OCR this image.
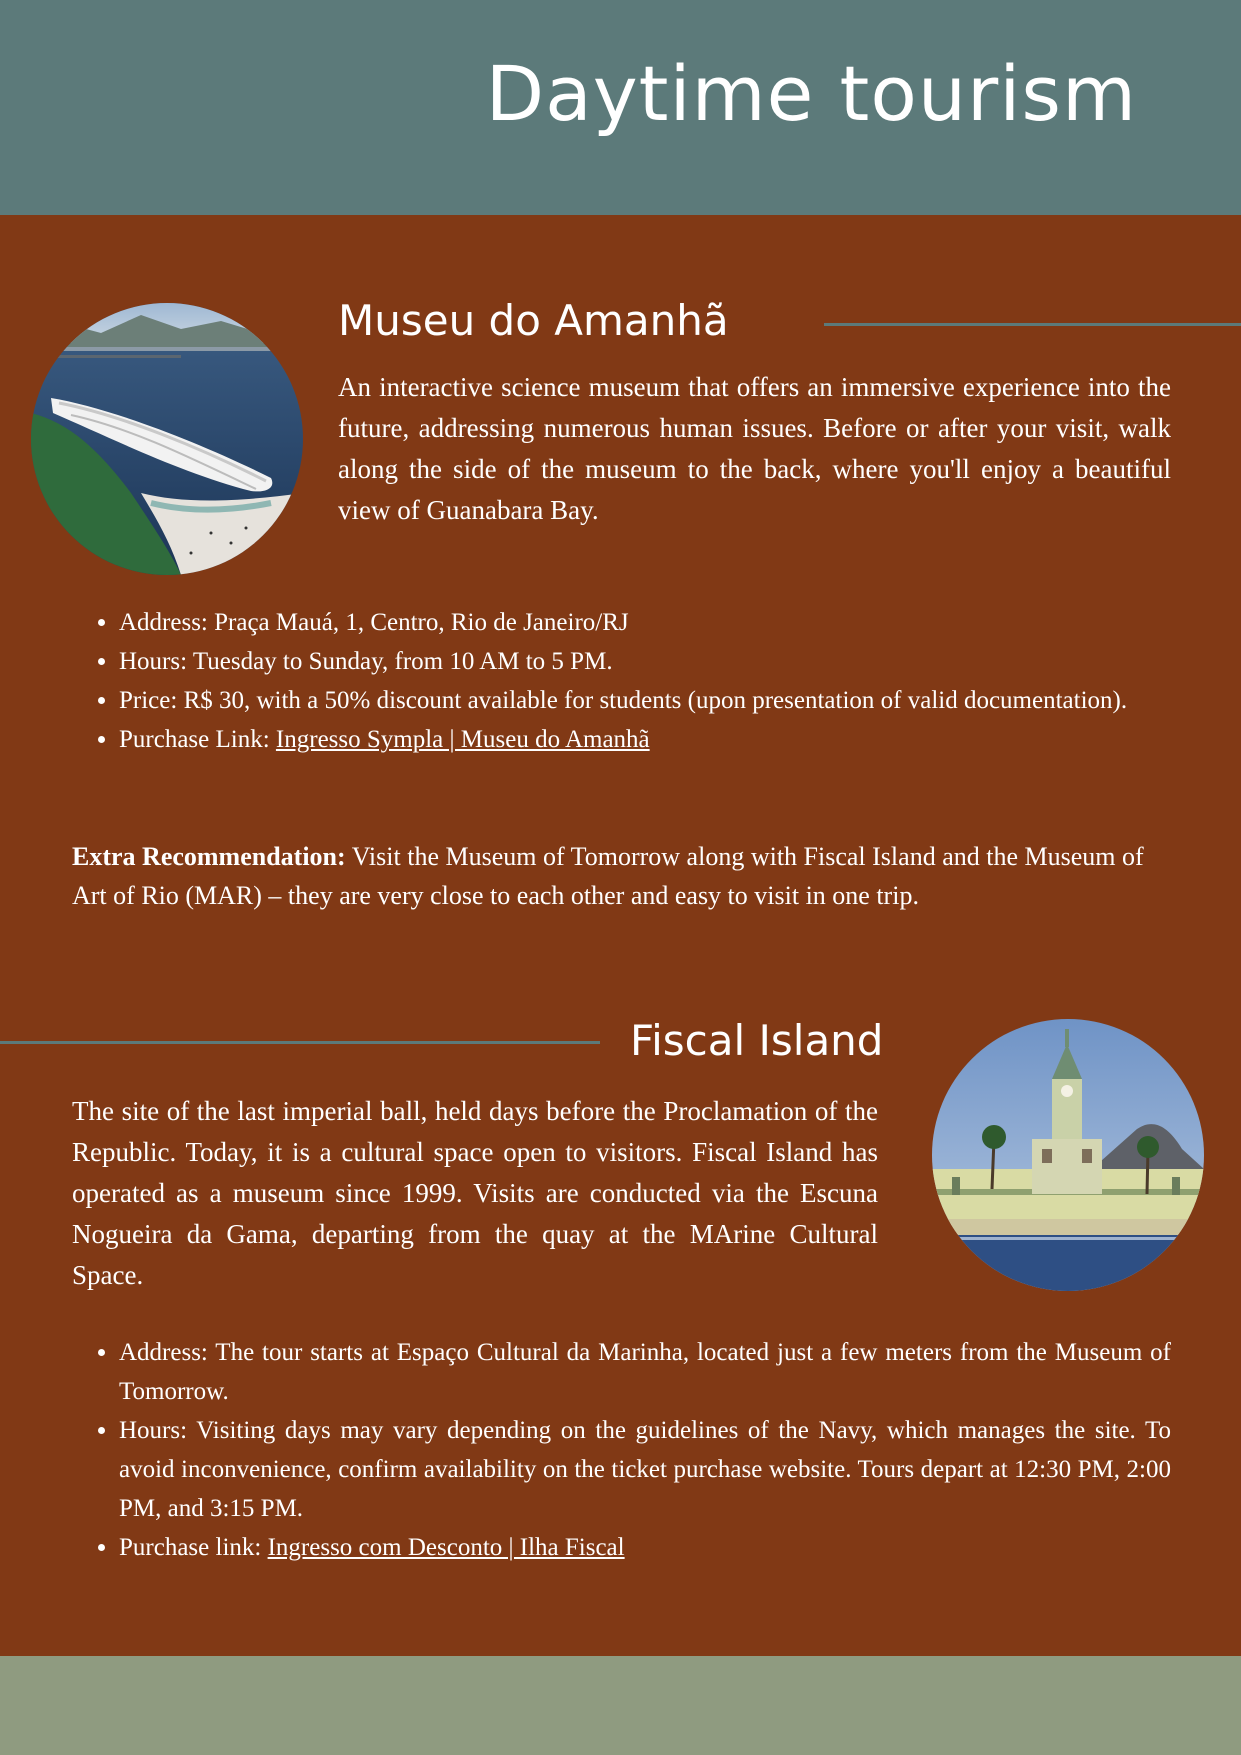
Daytime tourism
Museu do Amanhã

An interactive science museum that offers an immersive experience into the future, addressing numerous human issues. Before or after your visit, walk along the side of the museum to the back, where you'll enjoy a beautiful view of Guanabara Bay.

• Address: Praça Mauá, 1, Centro, Rio de Janeiro/RJ
• Hours: Tuesday to Sunday, from 10 AM to 5 PM.
• Price: R$ 30, with a 50% discount available for students (upon presentation of valid documentation).
• Purchase Link: Ingresso Sympla | Museu do Amanhã

Extra Recommendation: Visit the Museum of Tomorrow along with Fiscal Island and the Museum of Art of Rio (MAR) – they are very close to each other and easy to visit in one trip.

Fiscal Island

The site of the last imperial ball, held days before the Proclamation of the Republic. Today, it is a cultural space open to visitors. Fiscal Island has operated as a museum since 1999. Visits are conducted via the Escuna Nogueira da Gama, departing from the quay at the MArine Cultural Space.

• Address: The tour starts at Espaço Cultural da Marinha, located just a few meters from the Museum of Tomorrow.
• Hours: Visiting days may vary depending on the guidelines of the Navy, which manages the site. To avoid inconvenience, confirm availability on the ticket purchase website. Tours depart at 12:30 PM, 2:00 PM, and 3:15 PM.
• Purchase link: Ingresso com Desconto | Ilha Fiscal
